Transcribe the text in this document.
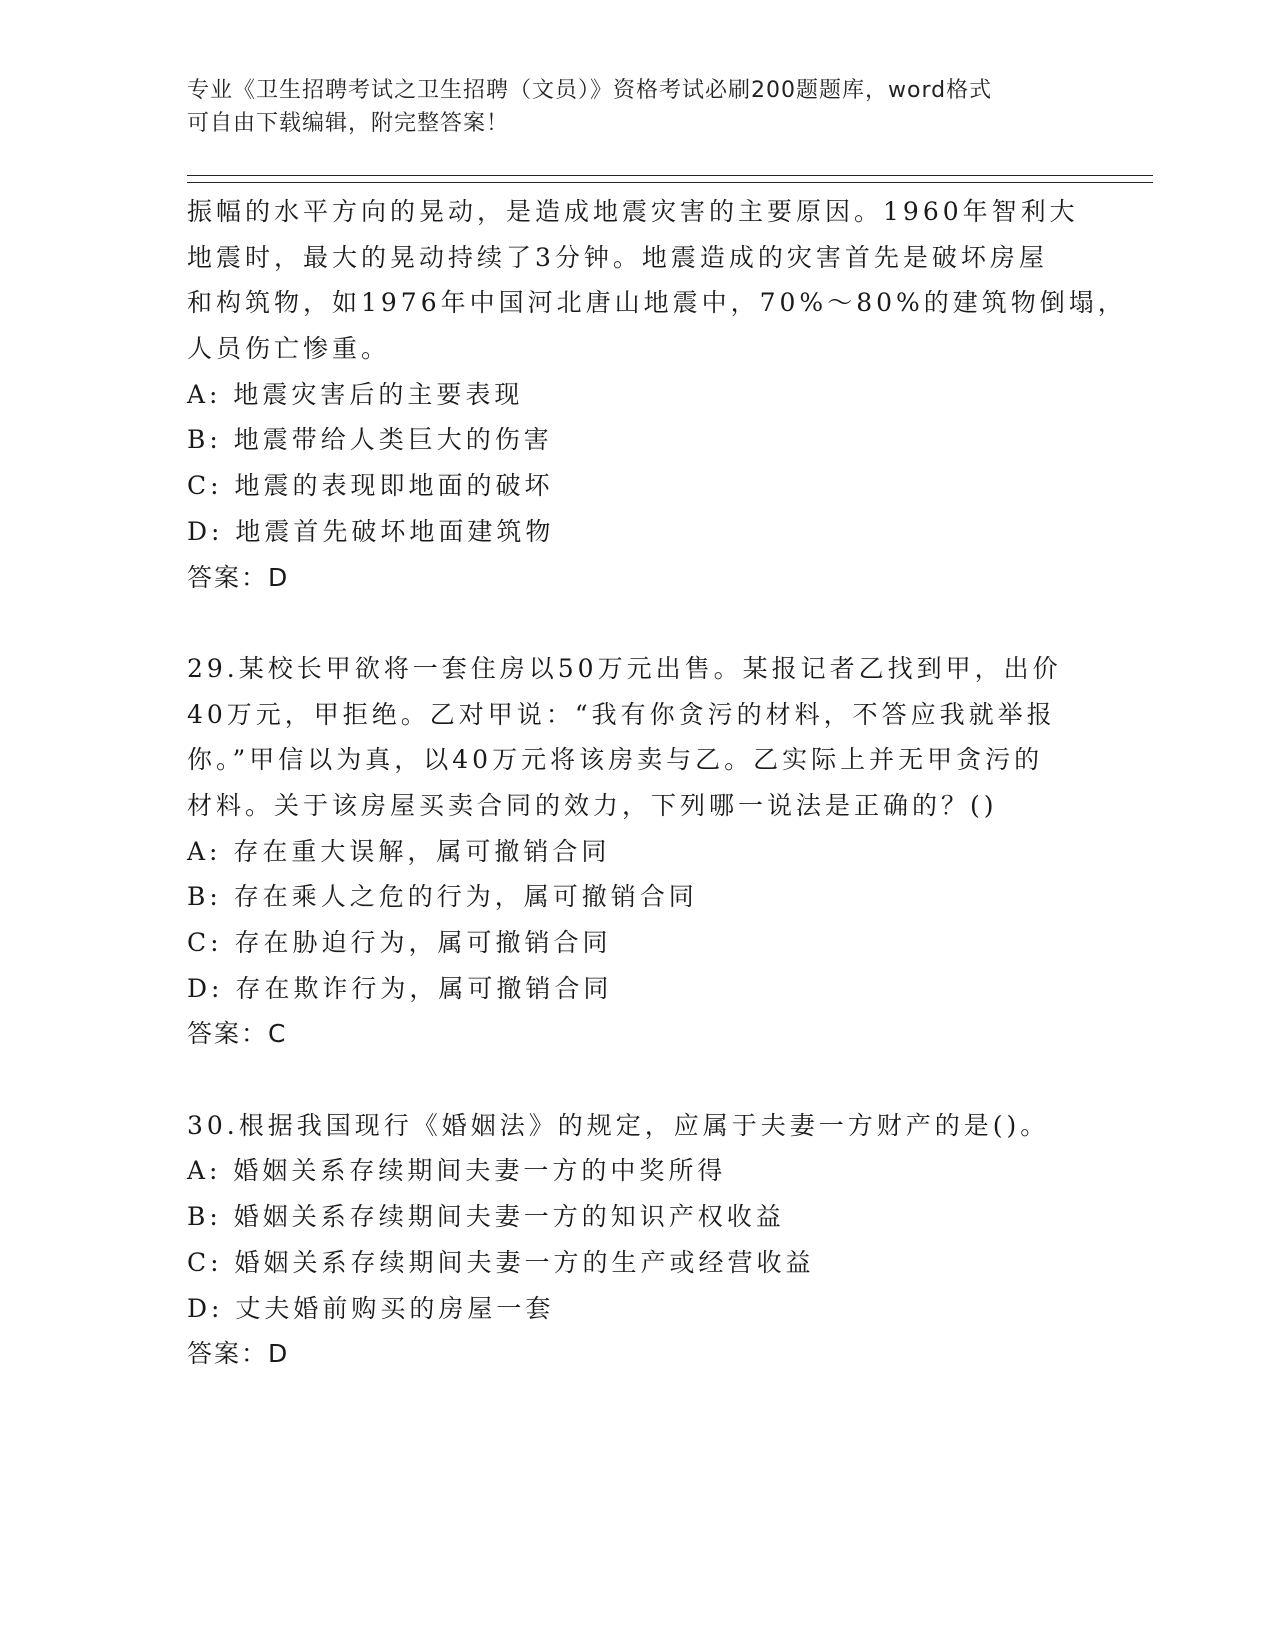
专业《卫生招聘考试之卫生招聘（文员）》资格考试必刷200题题库，word格式
可自由下载编辑，附完整答案！
振幅的水平方向的晃动，是造成地震灾害的主要原因。1960年智利大
地震时，最大的晃动持续了3分钟。地震造成的灾害首先是破坏房屋
和构筑物，如1976年中国河北唐山地震中，70%～80%的建筑物倒塌，
人员伤亡惨重。
A: 地震灾害后的主要表现
B: 地震带给人类巨大的伤害
C: 地震的表现即地面的破坏
D: 地震首先破坏地面建筑物
答案：D
29.某校长甲欲将一套住房以50万元出售。某报记者乙找到甲，出价
40万元，甲拒绝。乙对甲说：“我有你贪污的材料，不答应我就举报
你。”甲信以为真，以40万元将该房卖与乙。乙实际上并无甲贪污的
材料。关于该房屋买卖合同的效力，下列哪一说法是正确的？()
A: 存在重大误解，属可撤销合同
B: 存在乘人之危的行为，属可撤销合同
C: 存在胁迫行为，属可撤销合同
D: 存在欺诈行为，属可撤销合同
答案：C
30.根据我国现行《婚姻法》的规定，应属于夫妻一方财产的是()。
A: 婚姻关系存续期间夫妻一方的中奖所得
B: 婚姻关系存续期间夫妻一方的知识产权收益
C: 婚姻关系存续期间夫妻一方的生产或经营收益
D: 丈夫婚前购买的房屋一套
答案：D
